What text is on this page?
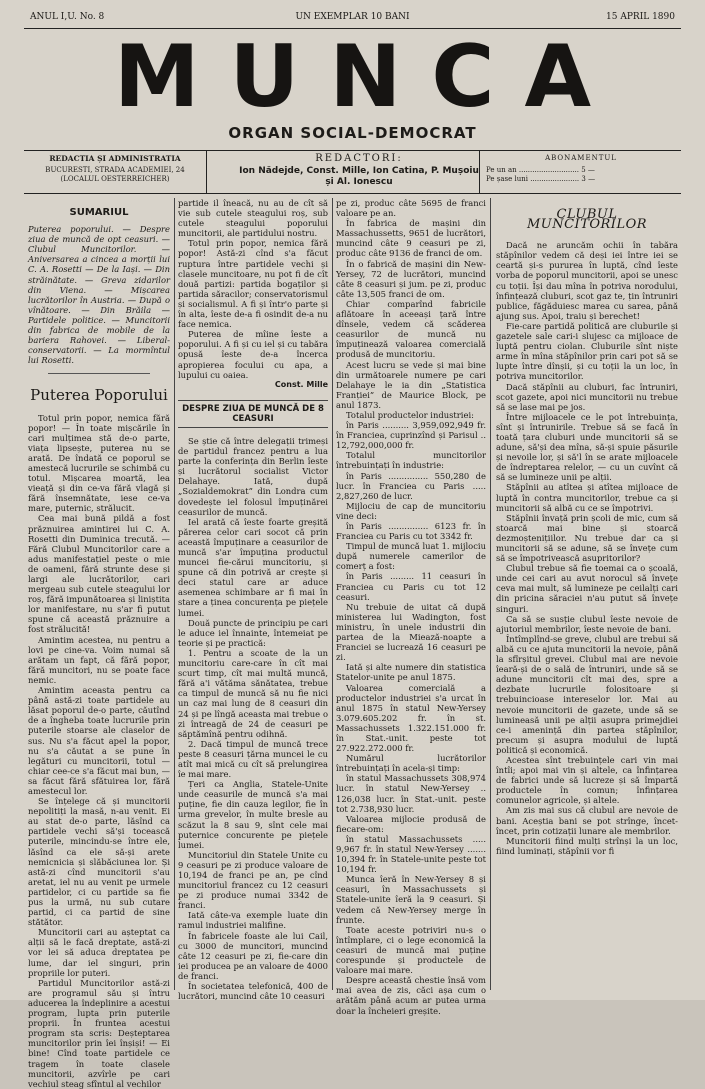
ANUL I,U. No. 8	UN EXEMPLAR 10 BANI	15 APRIL 1890
MUNCA
ORGAN SOCIAL-DEMOCRAT
REDACTIA ȘI ADMINISTRATIA
BUCURESTI, STRADA ACADEMIEI, 24 (LOCALUL OESTERREICHER)
REDACTORI:
Ion Nădejde, Const. Mille, Ion Catina, P. Mușoiu
și Al. Ionescu
ABONAMENTUL
Pe un an ........................... 5 —
Pe șase luni ...................... 3 —
SUMARIUL

Puterea poporului. — Despre ziua de muncă de opt ceasuri. — Clubul Muncitorilor. — Aniversarea a cincea a morții lui C. A. Rosetti — De la Iași. — Din străinătate. — Greva zidarilor din Viena. — Mișcarea lucrătorilor în Austria. — După o vînătoare. — Din Brăila — Partidele politice. — Muncitorii din fabrica de mobile de la bariera Rahovei. — Liberal-conservatorii. — La mormîntul lui Rosetti.

Puterea Poporului

Totul prin popor, nemica fără popor! — În toate mișcările în cari mulțimea stă de-o parte, viața lipsește, puterea nu se arată. De îndată ce poporul se amestecă lucrurile se schimbă cu totul. Mișcarea moartă, lea vieață și din ce-va fără vlagă și fără însemnătate, iese ce-va mare, puternic, strălucit.

Cea mai bună pildă a fost prăznuirea amintirei lui C. A. Rosetti din Duminica trecută. — Fără Clubul Muncitorilor care a adus manifestațiel peste o mie de oameni, fără strunte dese și largi ale lucrătorilor, cari mergeau sub cutele steagului lor roș, fără impunătoarea și liniștita lor manifestare, nu s'ar fi putut spune că această prăznuire a fost strălucită!

Amintim acestea, nu pentru a lovi pe cine-va. Voim numai să arătam un fapt, că fără popor, fără muncitori, nu se poate face nemic.

Amintim aceasta pentru ca până astă-zi toate partidele au lăsat poporul de-o parte, căutînd de a îngheba toate lucrurile prin puterile stoarse ale claselor de sus. Nu s'a făcut apel la popor, nu s'a căutat a se pune în legături cu muncitorii, totul — chiar cee-ce s'a făcut mai bun, — sa făcut fără sfătuirea lor, fără amestecul lor.

Se înțelege că și muncitorii nepolitiți la masă, n-au venit. Ei au stat de-o parte, lăsînd ca partidele vechi să'și tocească puterile, mincindu-se între ele, lăsînd ca ele să-și arete nemicnicia și slăbăciunea lor. Și astă-zi cînd muncitorii s'au aretat, iel nu au venit pe urmele partidelor, ci cu partide sa fie pus la urmă, nu sub cutare partid, ci ca partid de sine stătător.

Muncitorii cari au așteptat ca alții să le facă dreptate, astă-zi vor lei să aduca dreptatea pe lume, dar iel singuri, prin propriile lor puteri.

Partidul Muncitorilor astă-zi are programul său și întru aducerea la îndeplinire a acestui program, lupta prin puterile proprii. În fruntea acestui program sta scris: Deșteptarea muncitorilor prin îei înșiși! — Ei bine! Cînd toate partidele ce tragem în toate clasele muncitorii, azvîrle pe cari vechiul steag sfîntul al vechilor

partide il îneacă, nu au de cît să vie sub cutele steagului roș, sub cutele steagului poporului muncitorii, ale partidului nostru.

Totul prin popor, nemica fără popor! Astă-zi cînd s'a făcut ruptura între partidele vechi și clasele muncitoare, nu pot fi de cît două partizi: partida bogaților și partida săracilor; conservatorismul și socialismul. A fi și într'o parte și în alta, îeste de-a fi osindit de-a nu face nemica.

Puterea de mîine îeste a poporului. A fi și cu iel și cu tabăra opusă îeste de-a încerca apropierea focului cu apa, a lupului cu oaiea.

Const. Mille

DESPRE ZIUA DE MUNCĂ DE 8 CEASURI

Se știe că între delegații trimeși de partidul francez pentru a lua parte la conferința din Berlin îeste și lucrătorul socialist Victor Delahaye. Iată, după „Sozialdemokrat” din Londra cum dovedește iel folosul împuținărei ceasurilor de muncă.

Iel arată că îeste foarte greșită părerea celor cari socot că prin această împuținare a ceasurilor de muncă s'ar împuțina productul muncei fie-cărui muncitoriu, și spune că din potrivă ar crește și deci statul care ar aduce asemenea schimbare ar fi mai în stare a ținea concurența pe piețele lumei.

Două puncte de principiu pe cari le aduce iel înnainte, întemeiat pe teorie și pe practică:

1. Pentru a scoate de la un muncitoriu care-care în cît mai scurt timp, cît mai multă muncă, fără a'i vătăma sănătatea, trebue ca timpul de muncă să nu fie nici un caz mai lung de 8 ceasuri din 24 și pe lîngă aceasta mai trebue o zi întreagă de 24 de ceasuri pe săptămînă pentru odihnă.

2. Dacă timpul de muncă trece peste 8 ceasuri țărna muncei le cu atît mai mică cu cît să prelungirea îe mai mare.

Țeri ca Anglia, Statele-Unite unde ceasurile de muncă s'a mai puține, fie din cauza legilor, fie în urma grevelor, în multe bresle au scăzut la 8 sau 9, sînt cele mai puternice concurente pe piețele lumei.

Muncitoriul din Statele Unite cu 9 ceasuri pe zi produce valoare de 10,194 de franci pe an, pe cînd muncitoriul francez cu 12 ceasuri pe zi produce numai 3342 de franci.

Iată câte-va exemple luate din ramul industriei malifine.

În fabricele foaste ale lui Cail, cu 3000 de muncitori, muncind câte 12 ceasuri pe zi, fie-care din iei producea pe an valoare de 4000 de franci.

În societatea telefonică, 400 de lucrători, muncind câte 10 ceasuri

pe zi, produc câte 5695 de franci valoare pe an.

În fabrica de mașini din Massachussetts, 9651 de lucrători, muncind câte 9 ceasuri pe zi, produc câte 9136 de franci de om.

În o fabrică de mașini din New-Yersey, 72 de lucrători, muncind câte 8 ceasuri și jum. pe zi, produc câte 13,505 franci de om.

Chiar comparînd fabricile aflătoare în aceeași țară între dînsele, vedem că scăderea ceasurilor de muncă nu împuținează valoarea comercială produsă de muncitoriu.

Acest lucru se vede și mai bine din următoarele numere pe cari Delahaye le ia din „Statistica Franției” de Maurice Block, pe anul 1873.

Totalul productelor industriei:

în Paris .......... 3,959,092,949 fr. în Franciea, cuprinzînd și Parisul .. 12,792,000,000 fr.

Totalul muncitorilor întrebuințați în industrie:

în Paris ............... 550,280 de lucr. în Franciea cu Paris ..... 2,827,260 de lucr.

Mijlociu de cap de muncitoriu vine deci:

în Paris ............... 6123 fr. în Franciea cu Paris cu tot 3342 fr.

Timpul de muncă luat 1. mijlociu după numerele camerilor de comerț a fost:

în Paris ......... 11 ceasuri în Franciea cu Paris cu tot 12 ceasuri.

Nu trebuie de uitat că după ministerea lui Wadington, fost ministru, în unele industrii din partea de la Miează-noapte a Franciei se lucrează 16 ceasuri pe zi.

Iată și alte numere din statistica Statelor-unite pe anul 1875.

Valoarea comercială a productelor industriei s'a urcat în anul 1875 în statul New-Yersey 3.079.605.202 fr. în st. Massachussets 1.322.151.000 fr. în Stat.-unit. peste tot 27.922.272.000 fr.

Numărul lucrătorilor întrebuințați în acela-și timp:

în statul Massachussets 308,974 lucr. în statul New-Yersey .. 126,038 lucr. în Stat.-unit. peste tot 2.738,930 lucr.

Valoarea mijlocie produsă de fiecare-om:

în statul Massachussets ..... 9,967 fr. în statul New-Yersey ....... 10,394 fr. în Statele-unite peste tot 10,194 fr.

Munca îeră în New-Yersey 8 și ceasuri, în Massachussets și Statele-unite îeră la 9 ceasuri. Și vedem că New-Yersey merge în frunte.

Toate aceste potriviri nu-s o întîmplare, ci o lege economică la ceasuri de muncă mai puține corespunde și productele de valoare mai mare.

Despre această chestie însă vom mai avea de zis, căci așa cum o arătăm până acum ar putea urma doar la încheieri greșite.

CLUBUL MUNCITORILOR

Dacă ne aruncăm ochii în tabăra stăpînilor vedem că deși iei între iei se ceartă și-s pururea în luptă, cînd îeste vorba de poporul muncitorii, apoi se unesc cu toții. Își dau mîna în potriva norodului, înfințează cluburi, scot gaz te, țin întruniri publice, făgăduiesc marea cu sarea, până ajung sus. Apoi, traiu și berechet!

Fie-care partidă politică are cluburile și gazetele sale cari-i slujesc ca mijloace de luptă pentru ciolan. Cluburile sînt niște arme în mîna stăpînilor prin cari pot să se lupte între dînșii, și cu toții la un loc, în potriva muncitorilor.

Dacă stăpînii au cluburi, fac întruniri, scot gazete, apoi nici muncitorii nu trebue să se lase mai pe jos.

Între mijloacele ce le pot întrebuința, sînt și întrunirile. Trebue să se facă în toată țara cluburi unde muncitorii să se adune, să'și dea mîna, să-și spuie păsurile și nevoile lor, și să'l în se arate mijloacele de îndreptarea relelor, — cu un cuvînt că să se lumineze unii pe alții.

Stăpînii au atîtea și atîtea mijloace de luptă în contra muncitorilor, trebue ca și muncitorii să albă cu ce se împotrivi.

Stăpînii învață prin școli de mic, cum să stoarcă mai bine și stoarcă dezmoștenițiilor. Nu trebue dar ca și muncitorii să se adune, să se învețe cum să se împotrivească asupritorilor?

Clubul trebue să fie toemai ca o școală, unde cei cari au avut norocul să învețe ceva mai mult, să lumineze pe ceilalți cari din pricina săraciei n'au putut să învețe singuri.

Ca să se susție clubul îeste nevoie de ajutoriul membrilor, îeste nevoie de bani.

Întîmplînd-se greve, clubul are trebui să albă cu ce ajuta muncitorii la nevoie, până la sfîrșitul grevei. Clubul mai are nevoie îeară-și de o sală de întruniri, unde să se adune muncitorii cît mai des, spre a dezbate lucrurile folositoare și trebuincioase intereselor lor. Mai au nevoie muncitorii de gazete, unde să se lumineasă unii pe alții asupra primejdiei ce-i amenință din partea stăpînilor, precum și asupra modului de luptă politică și economică.

Acestea sînt trebuințele cari vin mai întîi; apoi mai vin și altele, ca înfințarea de fabrici unde să lucreze și să împartă productele în comun; înfințarea comunelor agricole, și altele.

Am zis mai sus că clubul are nevoie de bani. Aceștia bani se pot strînge, încet-încet, prin cotizații lunare ale membrilor.

Muncitorii fiind mulți strînși la un loc, fiind luminați, stăpînii vor fi
